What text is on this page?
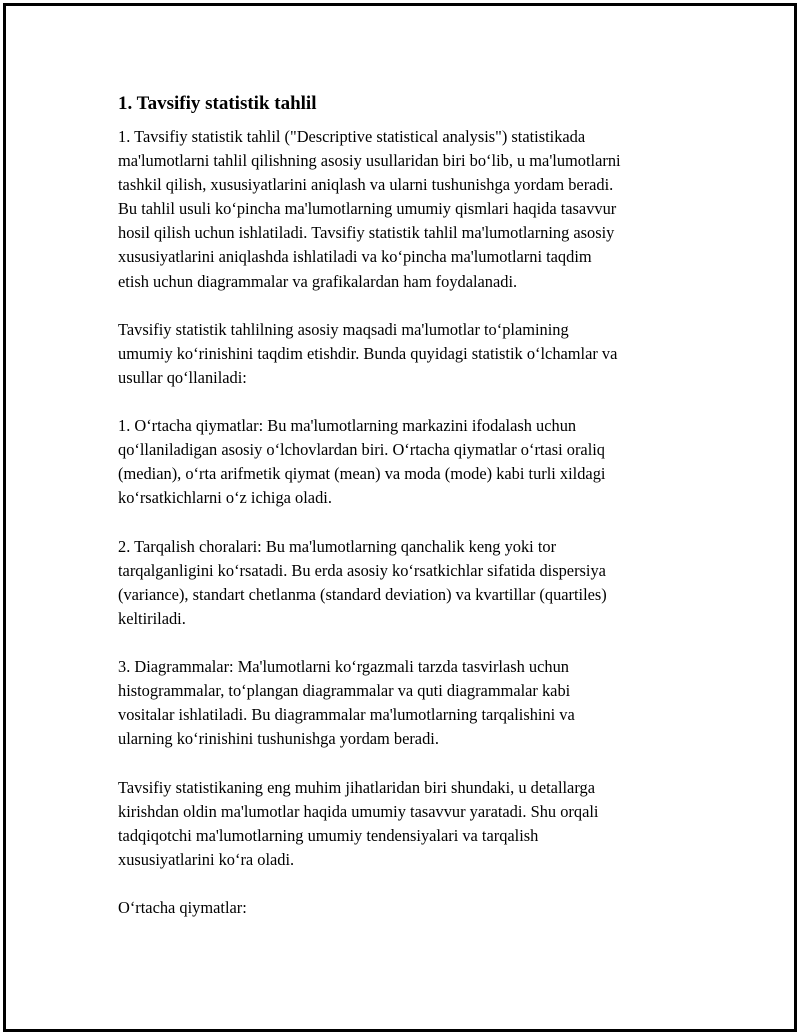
1. Tavsifiy statistik tahlil

1. Tavsifiy statistik tahlil ("Descriptive statistical analysis") statistikada
ma'lumotlarni tahlil qilishning asosiy usullaridan biri bo‘lib, u ma'lumotlarni
tashkil qilish, xususiyatlarini aniqlash va ularni tushunishga yordam beradi.
Bu tahlil usuli ko‘pincha ma'lumotlarning umumiy qismlari haqida tasavvur
hosil qilish uchun ishlatiladi. Tavsifiy statistik tahlil ma'lumotlarning asosiy
xususiyatlarini aniqlashda ishlatiladi va ko‘pincha ma'lumotlarni taqdim
etish uchun diagrammalar va grafikalardan ham foydalanadi.

Tavsifiy statistik tahlilning asosiy maqsadi ma'lumotlar to‘plamining
umumiy ko‘rinishini taqdim etishdir. Bunda quyidagi statistik o‘lchamlar va
usullar qo‘llaniladi:

1. O‘rtacha qiymatlar: Bu ma'lumotlarning markazini ifodalash uchun
qo‘llaniladigan asosiy o‘lchovlardan biri. O‘rtacha qiymatlar o‘rtasi oraliq
(median), o‘rta arifmetik qiymat (mean) va moda (mode) kabi turli xildagi
ko‘rsatkichlarni o‘z ichiga oladi.

2. Tarqalish choralari: Bu ma'lumotlarning qanchalik keng yoki tor
tarqalganligini ko‘rsatadi. Bu erda asosiy ko‘rsatkichlar sifatida dispersiya
(variance), standart chetlanma (standard deviation) va kvartillar (quartiles)
keltiriladi.

3. Diagrammalar: Ma'lumotlarni ko‘rgazmali tarzda tasvirlash uchun
histogrammalar, to‘plangan diagrammalar va quti diagrammalar kabi
vositalar ishlatiladi. Bu diagrammalar ma'lumotlarning tarqalishini va
ularning ko‘rinishini tushunishga yordam beradi.

Tavsifiy statistikaning eng muhim jihatlaridan biri shundaki, u detallarga
kirishdan oldin ma'lumotlar haqida umumiy tasavvur yaratadi. Shu orqali
tadqiqotchi ma'lumotlarning umumiy tendensiyalari va tarqalish
xususiyatlarini ko‘ra oladi.

O‘rtacha qiymatlar:
